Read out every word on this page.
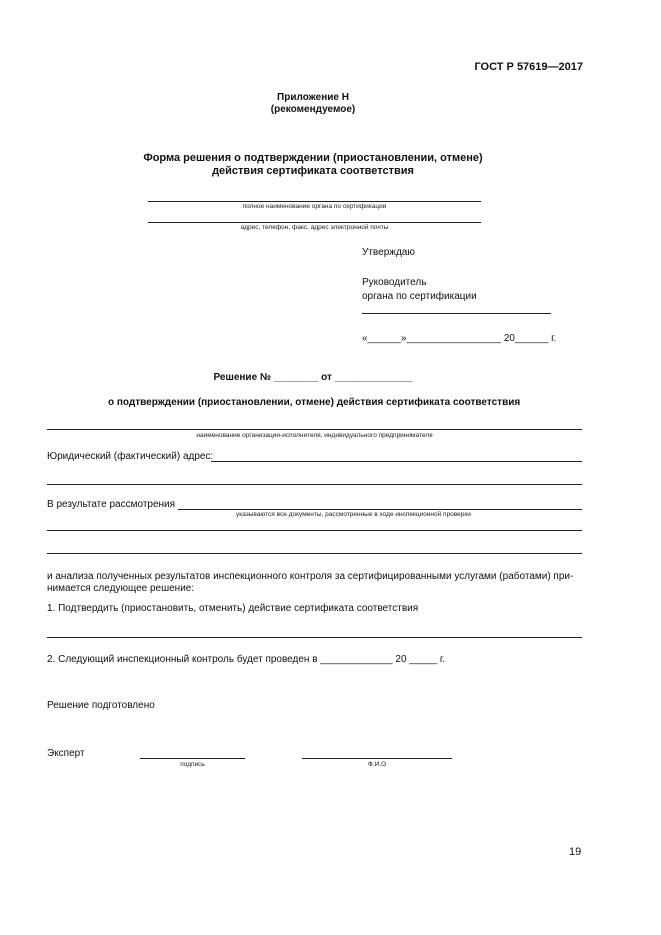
ГОСТ Р 57619—2017
Приложение Н
(рекомендуемое)
Форма решения о подтверждении (приостановлении, отмене)
действия сертификата соответствия
полное наименование органа по сертификации
адрес, телефон, факс. адрес электронной почты
Утверждаю
Руководитель
органа по сертификации
«______»_________________ 20______ г.
Решение № ________ от ______________
о подтверждении (приостановлении, отмене) действия сертификата соответствия
наименование организации-исполнителя, индивидуального предпринимателя
Юридический (фактический) адрес:
В результате рассмотрения
указываются все документы, рассмотренные в ходе инспекционной проверки
и анализа полученных результатов инспекционного контроля за сертифицированными услугами (работами) при-
нимается следующее решение:
1. Подтвердить (приостановить, отменить) действие сертификата соответствия
2. Следующий инспекционный контроль будет проведен в _____________ 20 _____ г.
Решение подготовлено
Эксперт
подпись	Ф.И.О
19
